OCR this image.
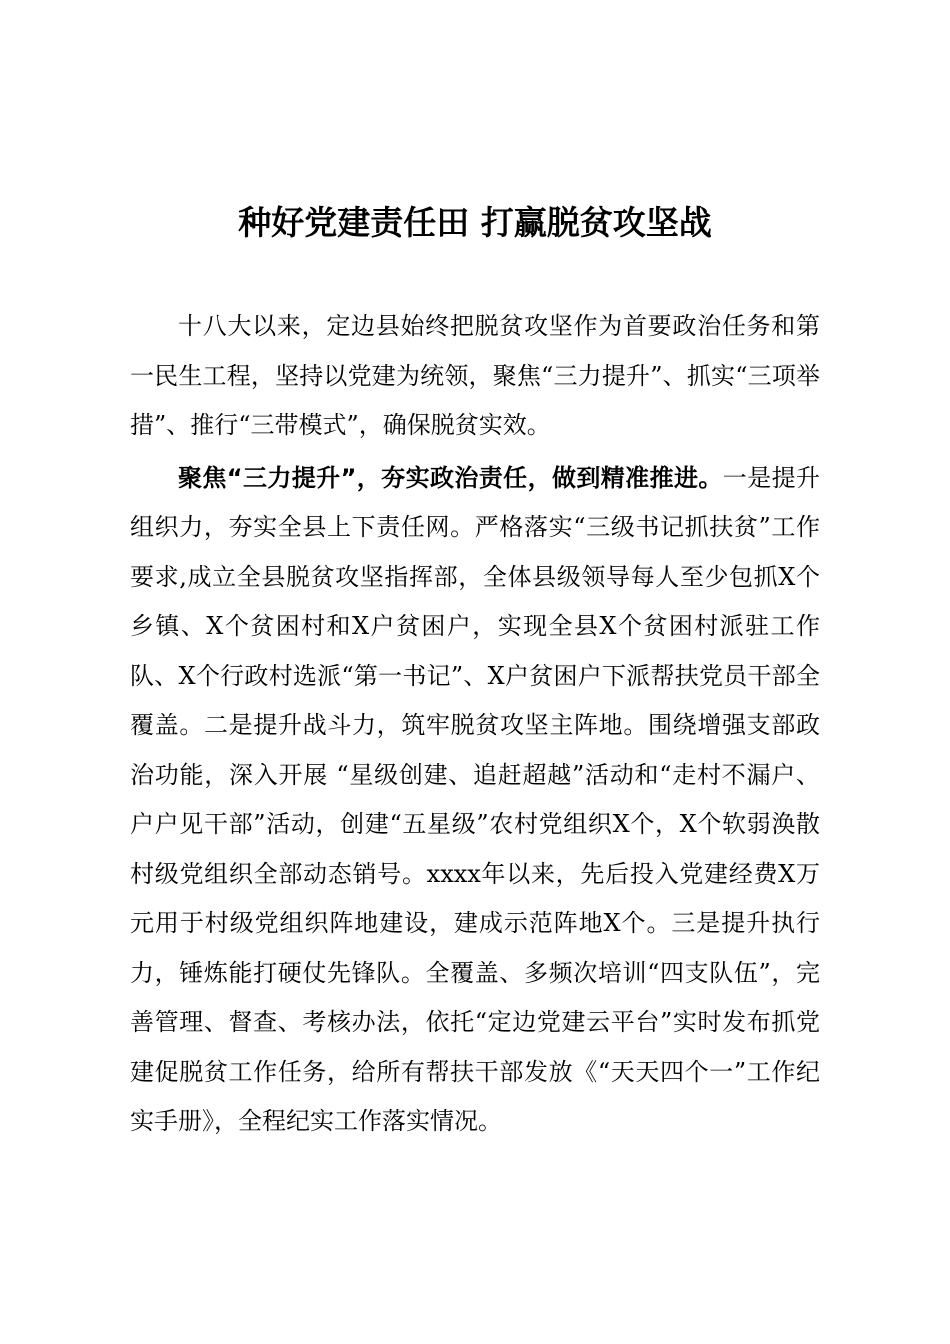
种好党建责任田 打赢脱贫攻坚战

十八大以来，定边县始终把脱贫攻坚作为首要政治任务和第一民生工程，坚持以党建为统领，聚焦“三力提升”、抓实“三项举措”、推行“三带模式”，确保脱贫实效。

聚焦“三力提升”，夯实政治责任，做到精准推进。一是提升组织力，夯实全县上下责任网。严格落实“三级书记抓扶贫”工作要求,成立全县脱贫攻坚指挥部，全体县级领导每人至少包抓X个乡镇、X个贫困村和X户贫困户，实现全县X个贫困村派驻工作队、X个行政村选派“第一书记”、X户贫困户下派帮扶党员干部全覆盖。二是提升战斗力，筑牢脱贫攻坚主阵地。围绕增强支部政治功能，深入开展 “星级创建、追赶超越”活动和“走村不漏户、户户见干部”活动，创建“五星级”农村党组织X个，X个软弱涣散村级党组织全部动态销号。xxxx年以来，先后投入党建经费X万元用于村级党组织阵地建设，建成示范阵地X个。三是提升执行力，锤炼能打硬仗先锋队。全覆盖、多频次培训“四支队伍”，完善管理、督查、考核办法，依托“定边党建云平台”实时发布抓党建促脱贫工作任务，给所有帮扶干部发放《“天天四个一”工作纪实手册》，全程纪实工作落实情况。
